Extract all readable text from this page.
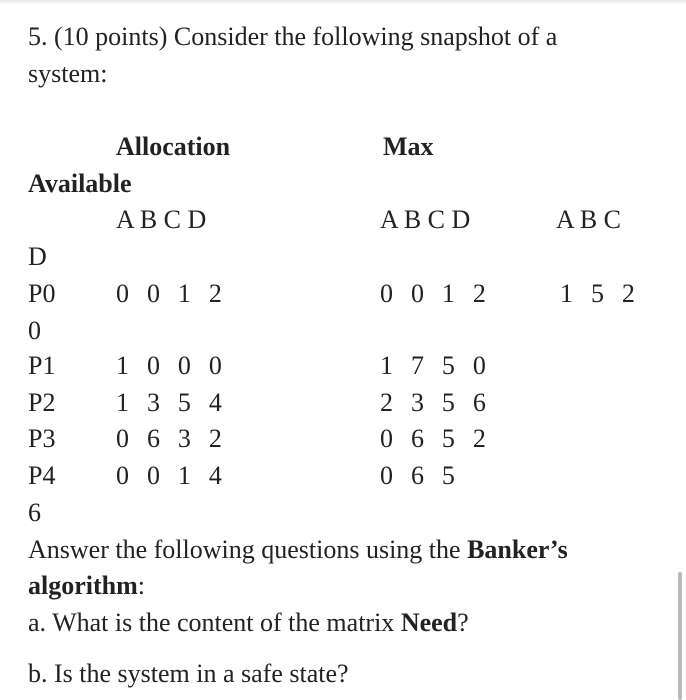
5. (10 points) Consider the following snapshot of a
system:
Allocation	Max
Available
A B C D	A B C D	A B C
D
P0 0 0 1 2	0 0 1 2	1 5 2
0
P1 1 0 0 0	1 7 5 0
P2 1 3 5 4	2 3 5 6
P3 0 6 3 2	0 6 5 2
P4 0 0 1 4	0 6 5
6
Answer the following questions using the Banker’s
algorithm:
a. What is the content of the matrix Need?
b. Is the system in a safe state?
